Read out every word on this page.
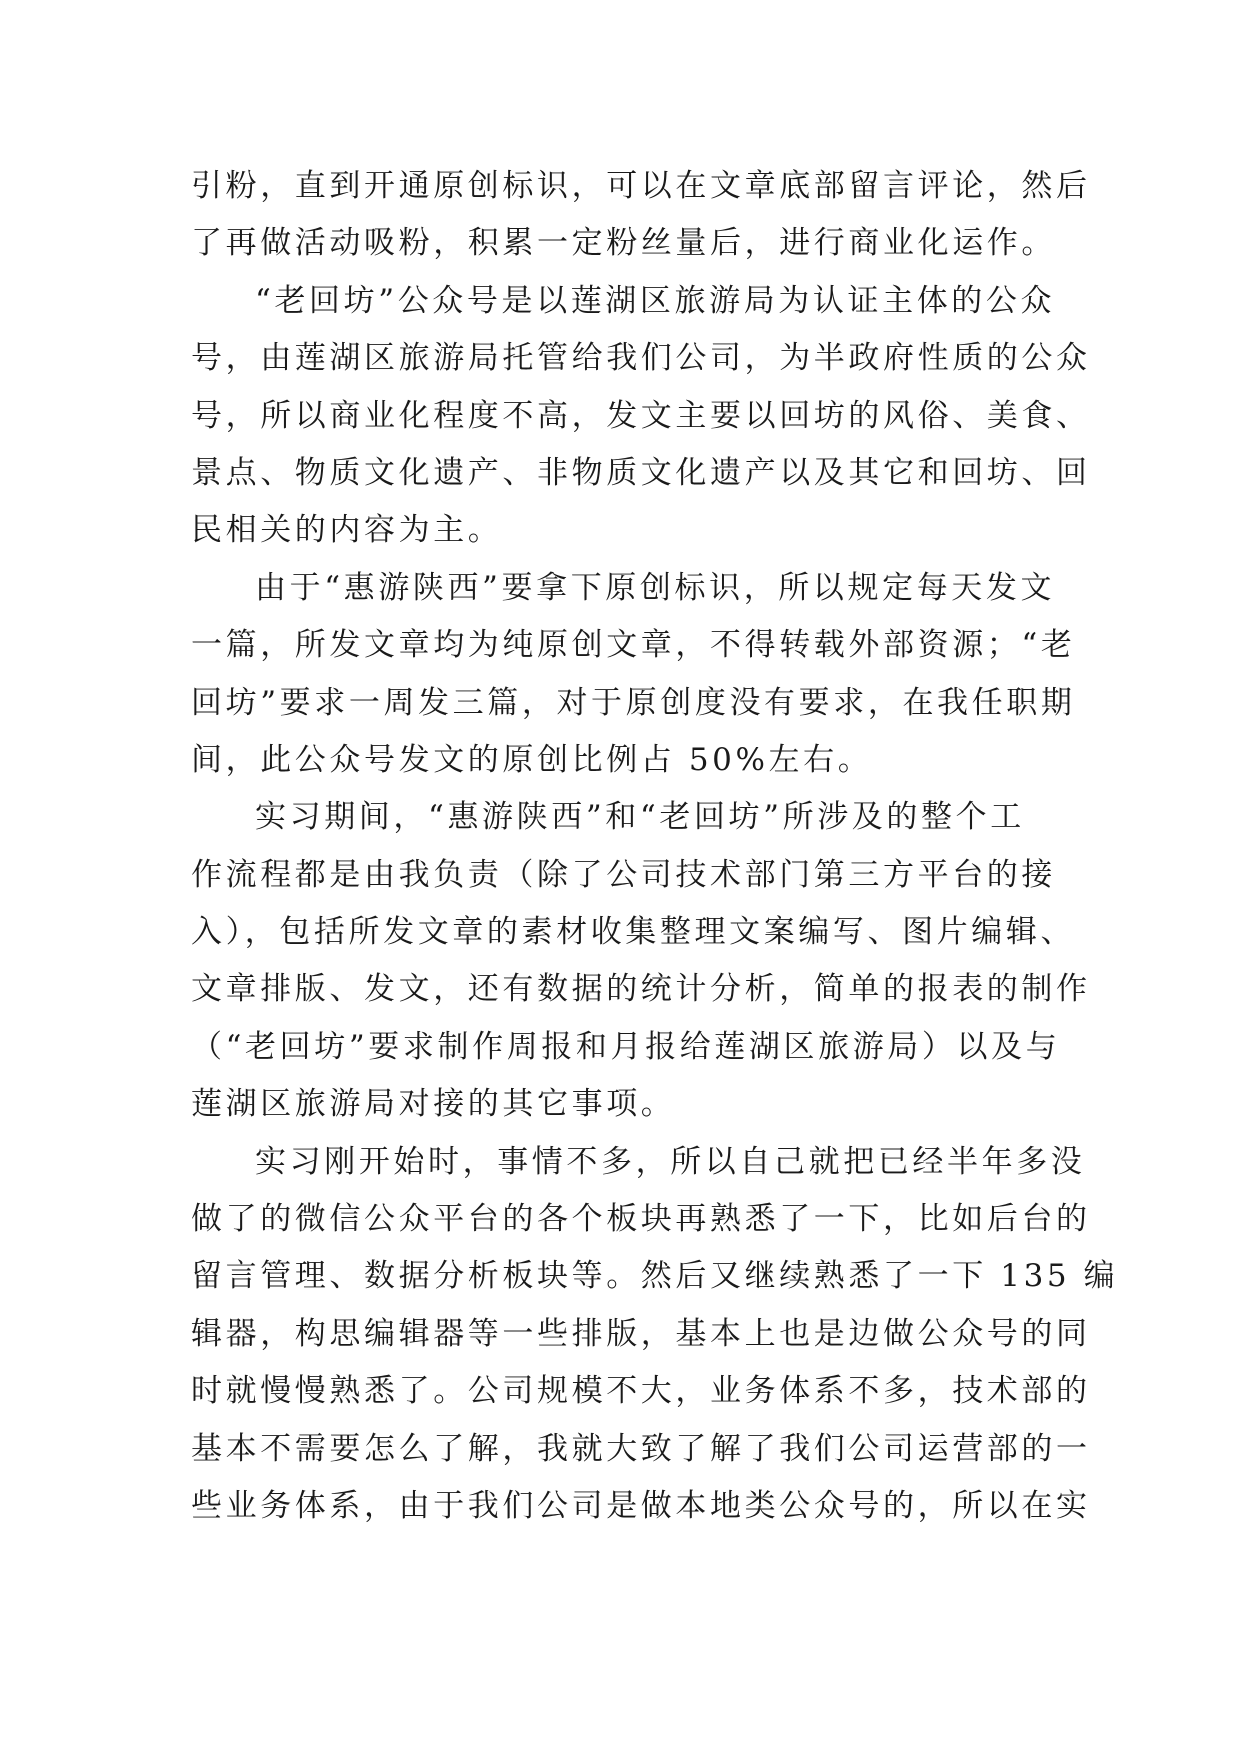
引粉，直到开通原创标识，可以在文章底部留言评论，然后
了再做活动吸粉，积累一定粉丝量后，进行商业化运作。
“老回坊”公众号是以莲湖区旅游局为认证主体的公众
号，由莲湖区旅游局托管给我们公司，为半政府性质的公众
号，所以商业化程度不高，发文主要以回坊的风俗、美食、
景点、物质文化遗产、非物质文化遗产以及其它和回坊、回
民相关的内容为主。
由于“惠游陕西”要拿下原创标识，所以规定每天发文
一篇，所发文章均为纯原创文章，不得转载外部资源；“老
回坊”要求一周发三篇，对于原创度没有要求，在我任职期
间，此公众号发文的原创比例占 50%左右。
实习期间，“惠游陕西”和“老回坊”所涉及的整个工
作流程都是由我负责（除了公司技术部门第三方平台的接
入），包括所发文章的素材收集整理文案编写、图片编辑、
文章排版、发文，还有数据的统计分析，简单的报表的制作
（“老回坊”要求制作周报和月报给莲湖区旅游局）以及与
莲湖区旅游局对接的其它事项。
实习刚开始时，事情不多，所以自己就把已经半年多没
做了的微信公众平台的各个板块再熟悉了一下，比如后台的
留言管理、数据分析板块等。然后又继续熟悉了一下 135 编
辑器，构思编辑器等一些排版，基本上也是边做公众号的同
时就慢慢熟悉了。公司规模不大，业务体系不多，技术部的
基本不需要怎么了解，我就大致了解了我们公司运营部的一
些业务体系，由于我们公司是做本地类公众号的，所以在实
